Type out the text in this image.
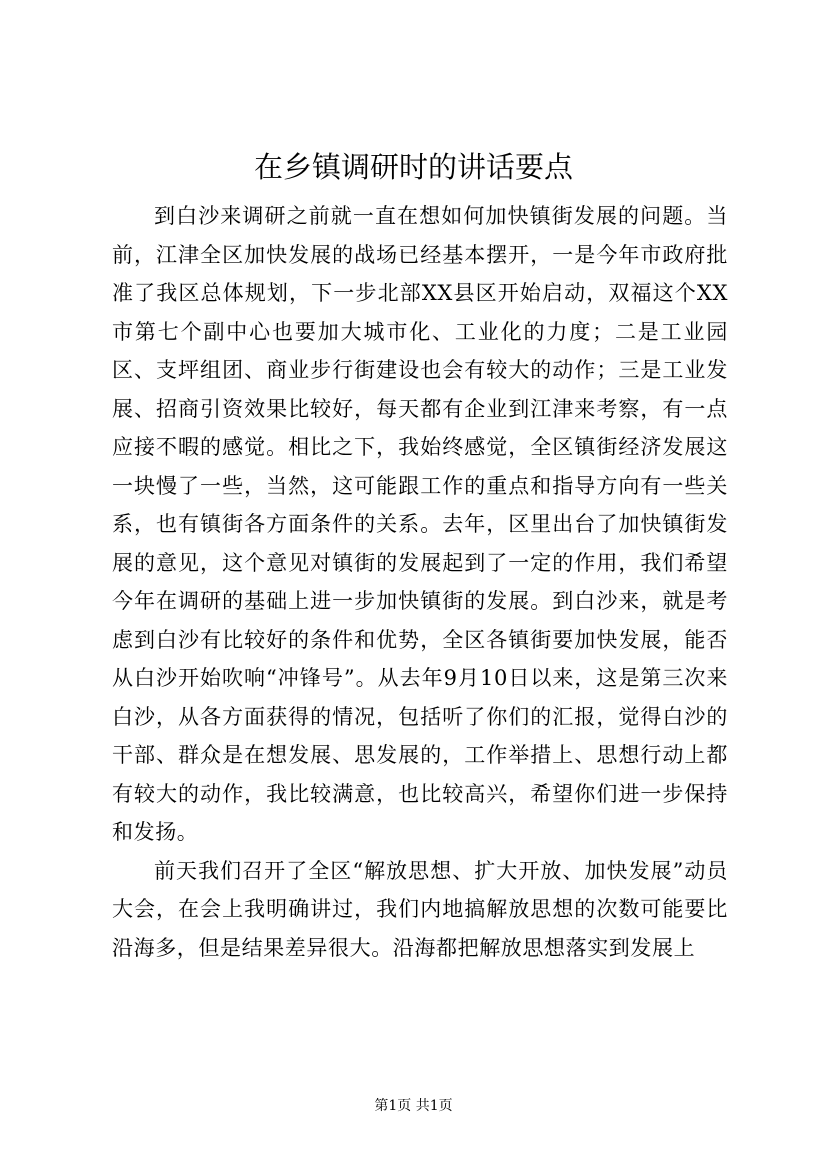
在乡镇调研时的讲话要点

到白沙来调研之前就一直在想如何加快镇街发展的问题。当前，江津全区加快发展的战场已经基本摆开，一是今年市政府批准了我区总体规划，下一步北部XX县区开始启动，双福这个XX市第七个副中心也要加大城市化、工业化的力度；二是工业园区、支坪组团、商业步行街建设也会有较大的动作；三是工业发展、招商引资效果比较好，每天都有企业到江津来考察，有一点应接不暇的感觉。相比之下，我始终感觉，全区镇街经济发展这一块慢了一些，当然，这可能跟工作的重点和指导方向有一些关系，也有镇街各方面条件的关系。去年，区里出台了加快镇街发展的意见，这个意见对镇街的发展起到了一定的作用，我们希望今年在调研的基础上进一步加快镇街的发展。到白沙来，就是考虑到白沙有比较好的条件和优势，全区各镇街要加快发展，能否从白沙开始吹响“冲锋号”。从去年9月10日以来，这是第三次来白沙，从各方面获得的情况，包括听了你们的汇报，觉得白沙的干部、群众是在想发展、思发展的，工作举措上、思想行动上都有较大的动作，我比较满意，也比较高兴，希望你们进一步保持和发扬。

前天我们召开了全区“解放思想、扩大开放、加快发展”动员大会，在会上我明确讲过，我们内地搞解放思想的次数可能要比沿海多，但是结果差异很大。沿海都把解放思想落实到发展上

第1页 共1页
